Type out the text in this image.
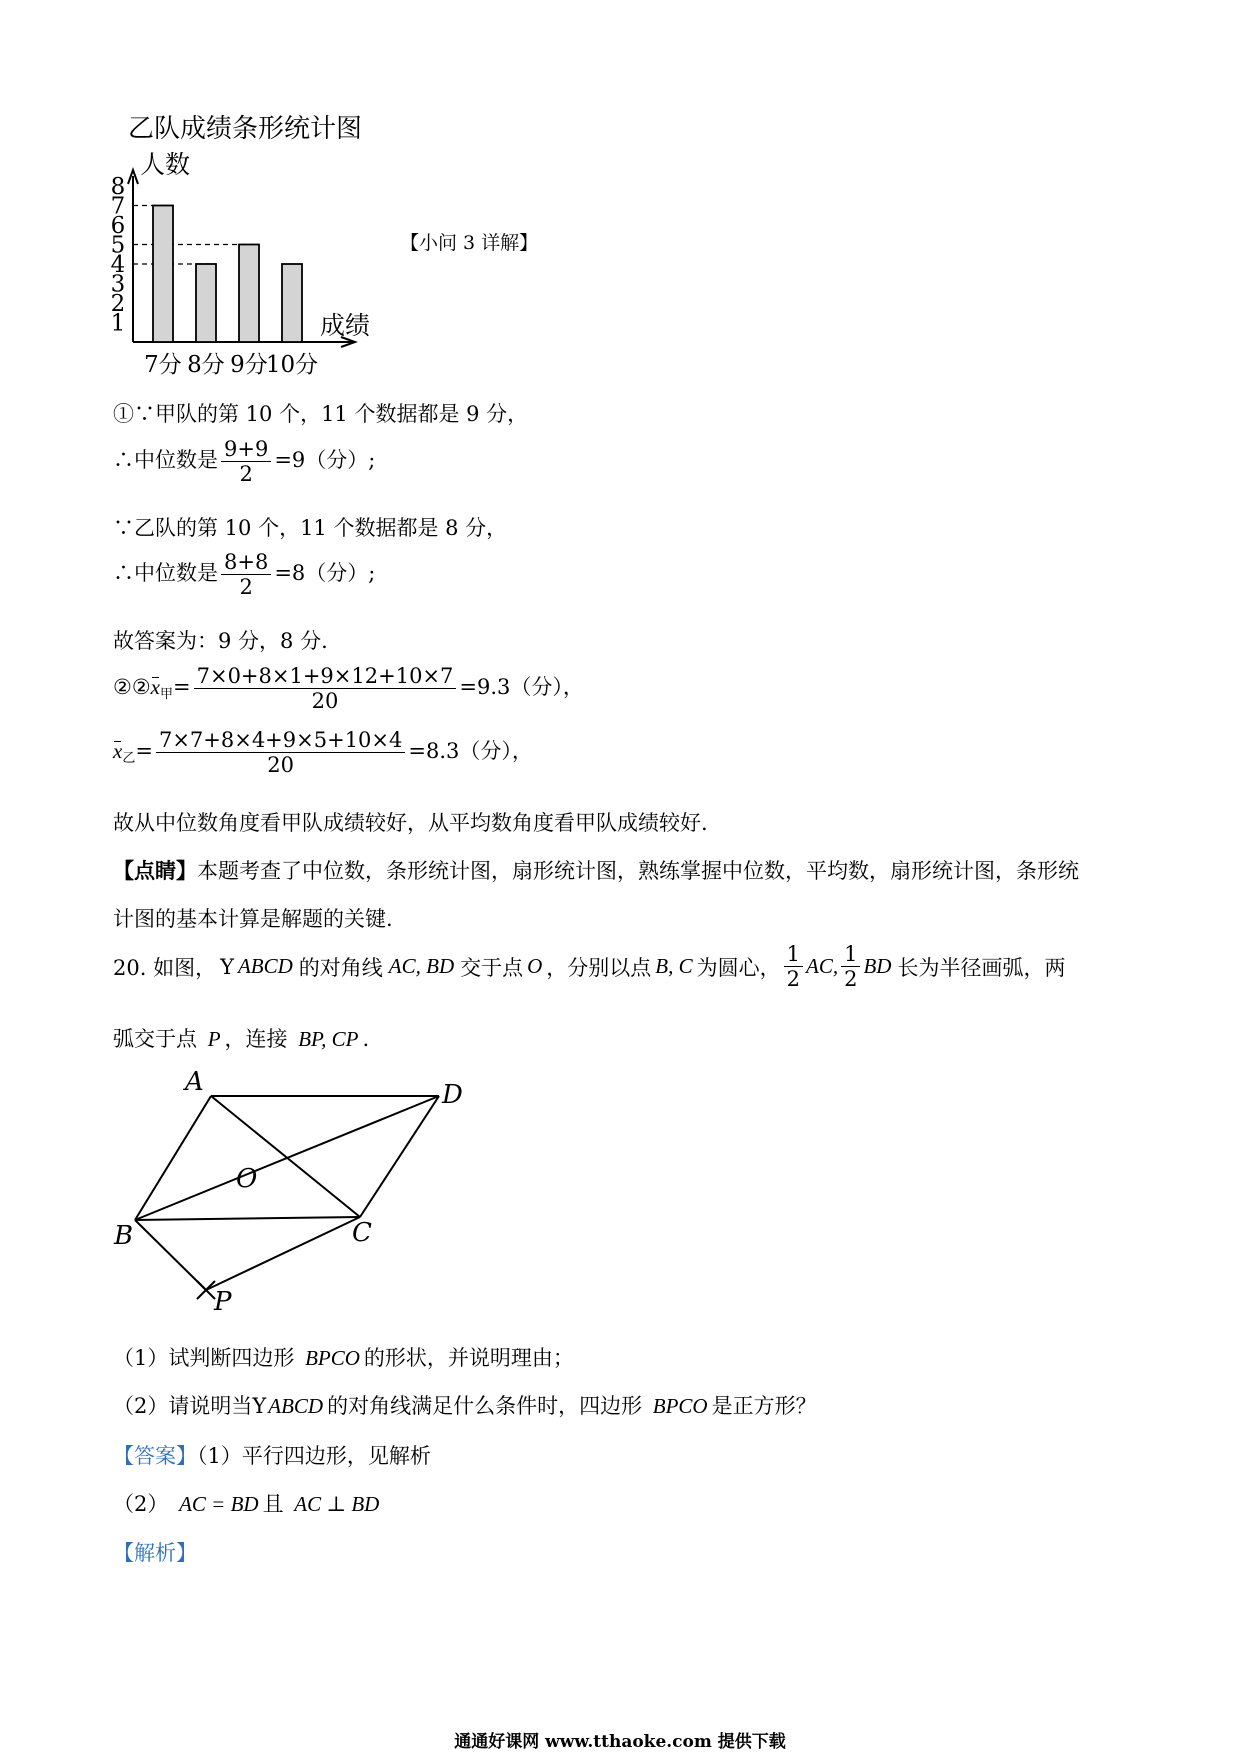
乙队成绩条形统计图
人数
成绩
1
2
3
4
5
6
7
8
7分 8分 9分
10分
【小问 3 详解】
①∵甲队的第 10 个，11 个数据都是 9 分，
∴中位数是 $\frac{9+9}{2} =9$（分）;
∵乙队的第 10 个，11 个数据都是 8 分，
∴中位数是 $\frac{8+8}{2} =8$（分）;
故答案为：9 分，8 分.
$②②x_甲= \frac{7\times 0+8\times 1+9\times 12+10\times 7}{20} =9.3$（分），
$x_乙= \frac{7\times 7+8\times 4+9\times 5+10\times 4}{20} =8.3$（分），
故从中位数角度看甲队成绩较好，从平均数角度看甲队成绩较好.
【点睛】本题考查了中位数，条形统计图，扇形统计图，熟练掌握中位数，平均数，扇形统计图，条形统
计图的基本计算是解题的关键.
20. 如图， Y ABCD 的对角线 AC, BD 交于点 O ，分别以点 B, C 为圆心， $\frac{1}{2}$ AC, $\frac{1}{2}$ BD 长为半径画弧，两
弧交于点 P ，连接 BP, CP .
A	D
O
B	C
P
（1）试判断四边形 BPCO 的形状，并说明理由；
（2）请说明当YABCD 的对角线满足什么条件时，四边形 BPCO 是正方形？
【答案】（1）平行四边形，见解析
（2） AC = BD 且 AC ⊥ BD
【解析】
通通好课网 www.tthaoke.com 提供下载
